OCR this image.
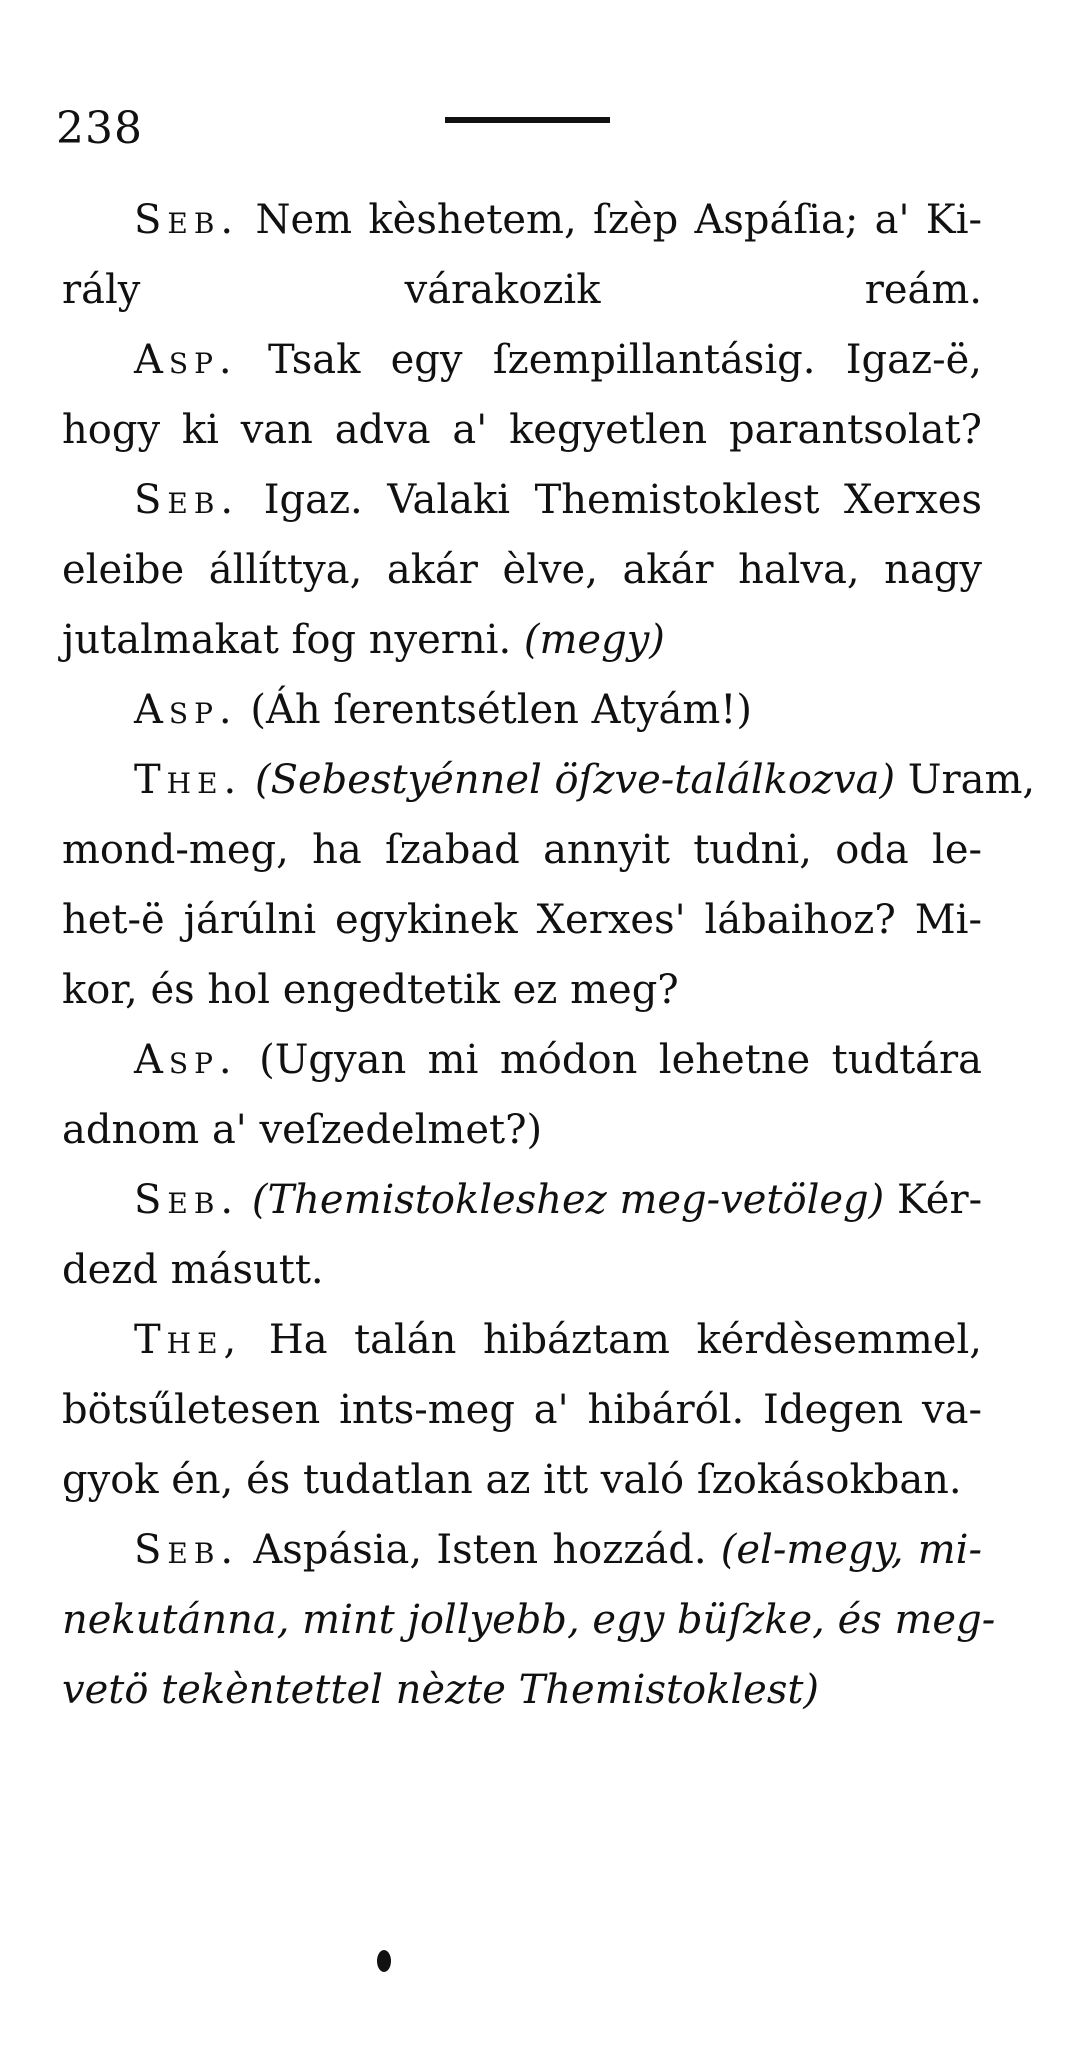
238
Seb. Nem kèshetem, ſzèp Aspáſia; a' Ki-
rály várakozik reám.
Asp. Tsak egy ſzempillantásig. Igaz-ë,
hogy ki van adva a' kegyetlen parantsolat?
Seb. Igaz. Valaki Themistoklest Xerxes
eleibe állíttya, akár èlve, akár halva, nagy
jutalmakat fog nyerni. (megy)
Asp. (Áh ſerentsétlen Atyám!)
The. (Sebestyénnel öſzve-találkozva) Uram,
mond-meg, ha ſzabad annyit tudni, oda le-
het-ë járúlni egykinek Xerxes' lábaihoz? Mi-
kor, és hol engedtetik ez meg?
Asp. (Ugyan mi módon lehetne tudtára
adnom a' veſzedelmet?)
Seb. (Themistokleshez meg-vetöleg) Kér-
dezd másutt.
The, Ha talán hibáztam kérdèsemmel,
bötsűletesen ints-meg a' hibáról. Idegen va-
gyok én, és tudatlan az itt való ſzokásokban.
Seb. Aspásia, Isten hozzád. (el-megy, mi-
nekutánna, mint jollyebb, egy büſzke, és meg-
vetö tekèntettel nèzte Themistoklest)
